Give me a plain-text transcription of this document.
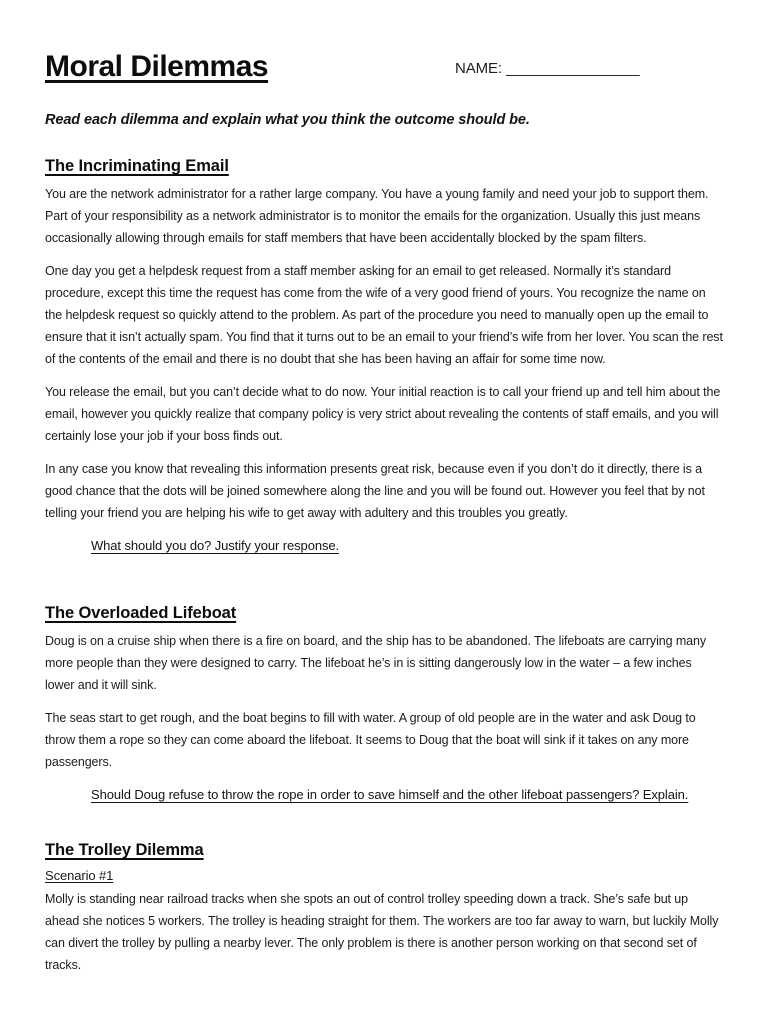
Moral Dilemmas	NAME: ________________

Read each dilemma and explain what you think the outcome should be.

The Incriminating Email

You are the network administrator for a rather large company. You have a young family and need your job to support them. Part of your responsibility as a network administrator is to monitor the emails for the organization. Usually this just means occasionally allowing through emails for staff members that have been accidentally blocked by the spam filters.

One day you get a helpdesk request from a staff member asking for an email to get released. Normally it’s standard procedure, except this time the request has come from the wife of a very good friend of yours. You recognize the name on the helpdesk request so quickly attend to the problem. As part of the procedure you need to manually open up the email to ensure that it isn’t actually spam. You find that it turns out to be an email to your friend’s wife from her lover. You scan the rest of the contents of the email and there is no doubt that she has been having an affair for some time now.

You release the email, but you can’t decide what to do now. Your initial reaction is to call your friend up and tell him about the email, however you quickly realize that company policy is very strict about revealing the contents of staff emails, and you will certainly lose your job if your boss finds out.

In any case you know that revealing this information presents great risk, because even if you don’t do it directly, there is a good chance that the dots will be joined somewhere along the line and you will be found out. However you feel that by not telling your friend you are helping his wife to get away with adultery and this troubles you greatly.

What should you do? Justify your response.
The Overloaded Lifeboat

Doug is on a cruise ship when there is a fire on board, and the ship has to be abandoned. The lifeboats are carrying many more people than they were designed to carry. The lifeboat he’s in is sitting dangerously low in the water – a few inches lower and it will sink.

The seas start to get rough, and the boat begins to fill with water. A group of old people are in the water and ask Doug to throw them a rope so they can come aboard the lifeboat. It seems to Doug that the boat will sink if it takes on any more passengers.

Should Doug refuse to throw the rope in order to save himself and the other lifeboat passengers? Explain.
The Trolley Dilemma
Scenario #1

Molly is standing near railroad tracks when she spots an out of control trolley speeding down a track. She’s safe but up ahead she notices 5 workers. The trolley is heading straight for them. The workers are too far away to warn, but luckily Molly can divert the trolley by pulling a nearby lever. The only problem is there is another person working on that second set of tracks.
